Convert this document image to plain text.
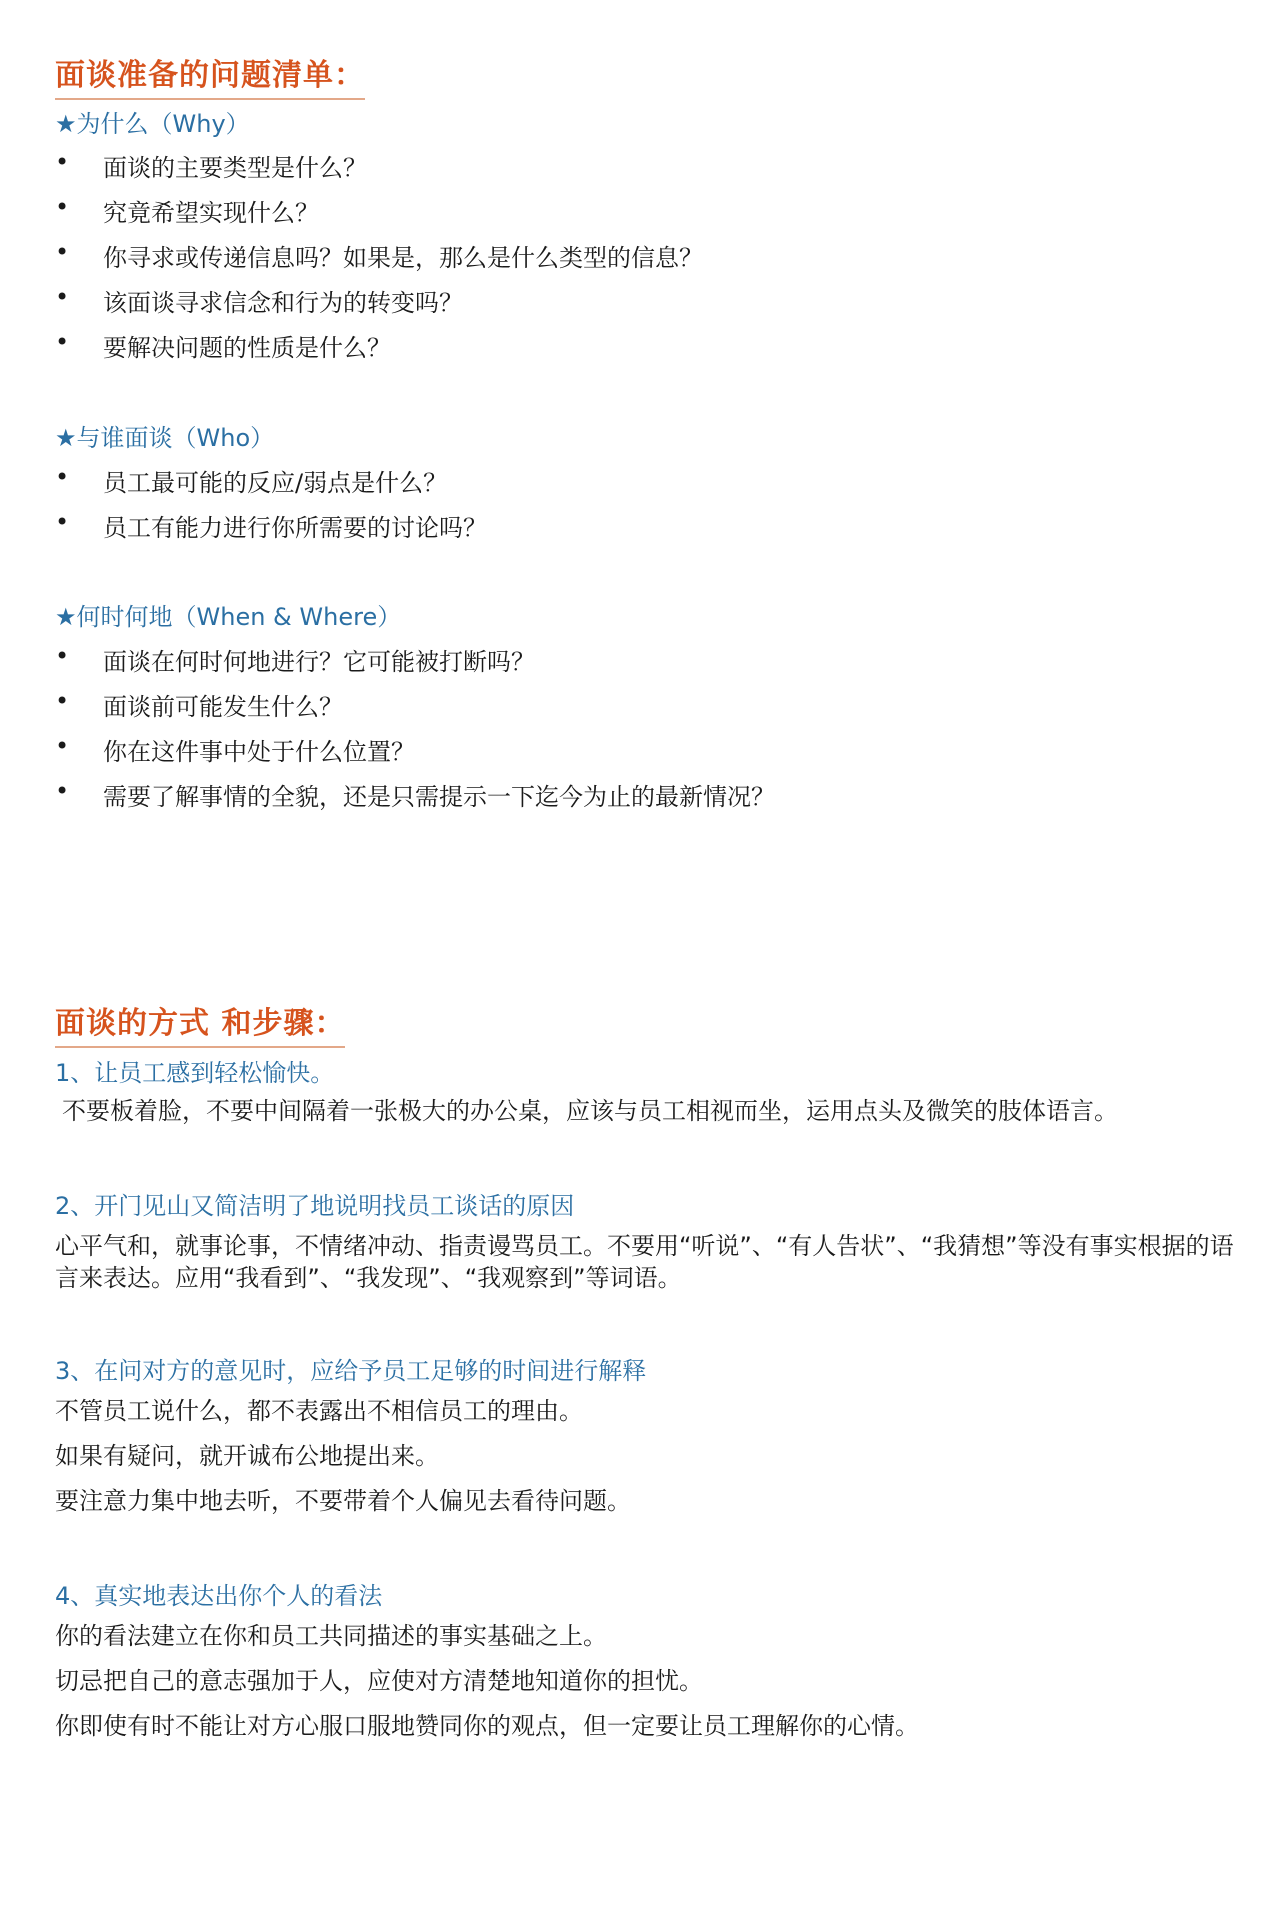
面谈准备的问题清单：
★为什么（Why）
• 面谈的主要类型是什么？
• 究竟希望实现什么？
• 你寻求或传递信息吗？如果是，那么是什么类型的信息？
• 该面谈寻求信念和行为的转变吗？
• 要解决问题的性质是什么？
★与谁面谈（Who）
• 员工最可能的反应/弱点是什么？
• 员工有能力进行你所需要的讨论吗？
★何时何地（When & Where）
• 面谈在何时何地进行？它可能被打断吗？
• 面谈前可能发生什么？
• 你在这件事中处于什么位置？
• 需要了解事情的全貌，还是只需提示一下迄今为止的最新情况？
面谈的方式 和步骤：
1、让员工感到轻松愉快。
不要板着脸，不要中间隔着一张极大的办公桌，应该与员工相视而坐，运用点头及微笑的肢体语言。
2、开门见山又简洁明了地说明找员工谈话的原因
心平气和，就事论事，不情绪冲动、指责谩骂员工。不要用“听说”、“有人告状”、“我猜想”等没有事实根据的语言来表达。应用“我看到”、“我发现”、“我观察到”等词语。
3、在问对方的意见时，应给予员工足够的时间进行解释
不管员工说什么，都不表露出不相信员工的理由。
如果有疑问，就开诚布公地提出来。
要注意力集中地去听，不要带着个人偏见去看待问题。
4、真实地表达出你个人的看法
你的看法建立在你和员工共同描述的事实基础之上。
切忌把自己的意志强加于人，应使对方清楚地知道你的担忧。
你即使有时不能让对方心服口服地赞同你的观点，但一定要让员工理解你的心情。
